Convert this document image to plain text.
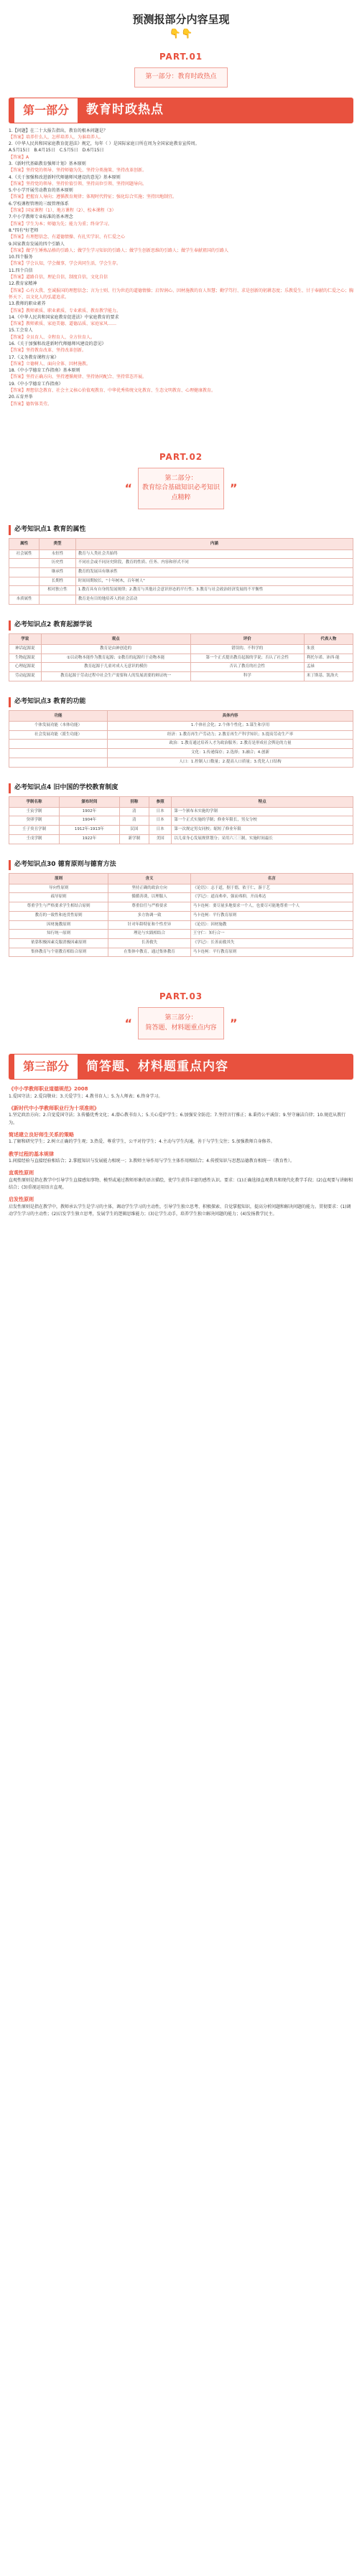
预测报部分内容呈现
👇👇
PART.01
第一部分：教育时政热点
第一部分	教育时政热点
1.【问题】在二十大报告指出，教育的根本问题是？
【答案】培养什么人，怎样培养人，为谁培养人。
2.《中华人民共和国家庭教育促进法》规定，每年（ ）是国际家庭日所在周为全国家庭教育宣传周。
A.5月15日　B.4月15日　C.5月5日　D.6月15日
【答案】A
3.《新时代基础教育强师计划》基本原则
【答案】坚持党的领导、坚持师德为先、坚持分类施策、坚持改革创新。
4.《关于加强和改进新时代师德师风建设的意见》基本原则
【答案】坚持党的领导、坚持价值引领、坚持高位引领、坚持问题导向。
5.中小学开展劳动教育的基本原则
【答案】把握育人导向；遵循教育规律；体现时代特征；强化综合实施；坚持因地制宜。
6.学校课程管理的三级管理体系
【答案】国家课程（1）、地方课程（2）、校本课程（3）
7.中小学教师专业标准的基本理念
【答案】学生为本；师德为先；能力为重；终身学习。
8."四有"好老师
【答案】有理想信念、有道德情操、有扎实学识、有仁爱之心
9.国家教育发展的四个引路人
【答案】做学生锤炼品格的引路人；做学生学习知识的引路人；做学生创新思维的引路人；做学生奉献祖国的引路人
10.四个服务
【答案】学会认知，学会做事，学会共同生活，学会生存。
11.四个自信
【答案】道路自信，理论自信，制度自信，文化自信
12.教育家精神
【答案】心有大我、至诚报国的理想信念；言为士则、行为世范的道德情操；启智润心、因材施教的育人智慧；勤学笃行、求是创新的躬耕态度；乐教爱生、甘于奉献的仁爱之心；胸怀天下、以文化人的弘道追求。
13.教师的职业素养
【答案】教师素质、职业素质、专业素质、教育教学能力。
14.《中华人民共和国家庭教育促进法》中家庭教育的要求
【答案】教师素质、家庭美德、道德品质、家庭家风……
15.工会育人
【答案】全员育人、全程育人、全方位育人。
16.《关于加强和改进新时代师德师风建设的意见》
【答案】坚持教育改革、坚持改革创新。
17.《义务教育课程方案》
【答案】立德树人、面向全体、因材施教。
18.《中小学德育工作指南》基本原则
【答案】坚持正确方向、坚持遵循规律、坚持协同配合、坚持常态开展。
19.《中小学德育工作指南》
【答案】理想信念教育、社会主义核心价值观教育、中华优秀传统文化教育、生态文明教育、心理健康教育。
20.五育并举
【答案】德智体美劳。
PART.02
“
第二部分：
教育综合基础知识必考知识点精粹
”
必考知识点1 教育的属性
属性	类型	内涵
社会属性	永恒性	教育与人类社会共始终
	历史性	不同社会或不同历史阶段，教育的性质、任务、内容和形式不同
	继承性	教育的发展具有继承性
	长期性	时间周期较长，"十年树木，百年树人"
	相对独立性	1.教育具有自身的发展规律；2.教育与其他社会意识形态的平行性；3.教育与社会政治经济发展的不平衡性
本质属性		教育是有目的地培养人的社会活动
必考知识点2 教育起源学说
学说	观点	评价	代表人物
神话起源说	教育是由神创造的	错误的、不科学的	朱熹
生物起源说	①以动物本能作为教育起源；②教育的起源归于动物本能	第一个正式提出教育起源的学说；否认了社会性	利托尔诺、沛西·能
心理起源说	教育起源于儿童对成人无意识的模仿	否认了教育的社会性	孟禄
劳动起源说	教育起源于劳动过程中社会生产需要和人的发展需要的辩证统一	科学	米丁斯基、凯洛夫
必考知识点3 教育的功能
功能	具体内容
个体发展功能（本体功能）	1.个体社会化；2.个体个性化；3.谋生和享用
社会发展功能（派生功能）	经济：1.教育再生产劳动力；2.教育再生产科学知识；3.提高劳动生产率
	政治：1.教育通过培养人才为政治服务；2.教育是形成社会舆论的力量
	文化：1.传递保存；2.选择；3.融合；4.创新
	人口：1.控制人口数量；2.提高人口质量；3.优化人口结构
必考知识点4 旧中国的学校教育制度
学制名称	颁布时间	别称	参照	特点
壬寅学制	1902年	清	日本	第一个颁布未实施的学制
癸卯学制	1904年	清	日本	第一个正式实施的学制；修业年限长，男女分校
壬子癸丑学制	1912年-1913年	民国	日本	第一次规定男女同校；缩短了修业年限
壬戌学制	1922年	新学制	美国	以儿童身心发展规律划分；采用六三三制，实施时间最长
必考知识点30 德育原则与德育方法
原则	含义	名言
导向性原则	坚持正确的政治方向	《论语》：志于道，据于德，依于仁，游于艺
疏导原则	循循善诱，以理服人	《学记》：道而弗牵，强而弗抑，开而弗达
尊重学生与严格要求学生相结合原则	尊重信任与严格要求	马卡连柯：要尽量多地要求一个人，也要尽可能地尊重一个人
教育的一致性和连贯性原则	多方协调一致	马卡连柯：平行教育原则
因材施教原则	针对年龄特征和个性差异	《论语》：因材施教
知行统一原则	理论与实践相结合	王守仁：知行合一
依靠积极因素克服消极因素原则	长善救失	《学记》：长善而救其失
集体教育与个别教育相结合原则	在集体中教育，通过集体教育	马卡连柯：平行教育原则
PART.03
“	第三部分：
简答题、材料题重点内容	”
第三部分	简答题、材料题重点内容
《中小学教师职业道德规范》2008
1.爱国守法；2.爱岗敬业；3.关爱学生；4.教书育人；5.为人师表；6.终身学习。
《新时代中小学教师职业行为十项准则》
1.坚定政治方向；2.自觉爱国守法；3.传播优秀文化；4.潜心教书育人；5.关心爱护学生；6.加强安全防范；7.坚持言行雅正；8.秉持公平诚信；9.坚守廉洁自律；10.规范从教行为。
简述建立良好师生关系的策略
1.了解和研究学生；2.树立正确的学生观；3.热爱、尊重学生，公平对待学生；4.主动与学生沟通，善于与学生交往；5.加强教师自身修养。
教学过程的基本规律
1.间接经验与直接经验相结合；2.掌握知识与发展能力相统一；3.教师主导作用与学生主体作用相结合；4.传授知识与思想品德教育相统一（教育性）。
直观性原则
直观性原则是指在教学中引导学生直接感知事物、模型或通过教师形象的语言描绘，使学生获得丰富的感性认识。要求：(1)正确选择直观教具和现代化教学手段；(2)直观要与讲解相结合；(3)重视运用语言直观。
启发性原则
启发性原则是指在教学中，教师承认学生是学习的主体，调动学生学习的主动性，引导学生独立思考、积极探索、自觉掌握知识，提高分析问题和解决问题的能力。贯彻要求：(1)调动学生学习的主动性；(2)启发学生独立思考，发展学生的逻辑思维能力；(3)让学生动手，培养学生独立解决问题的能力；(4)发扬教学民主。
